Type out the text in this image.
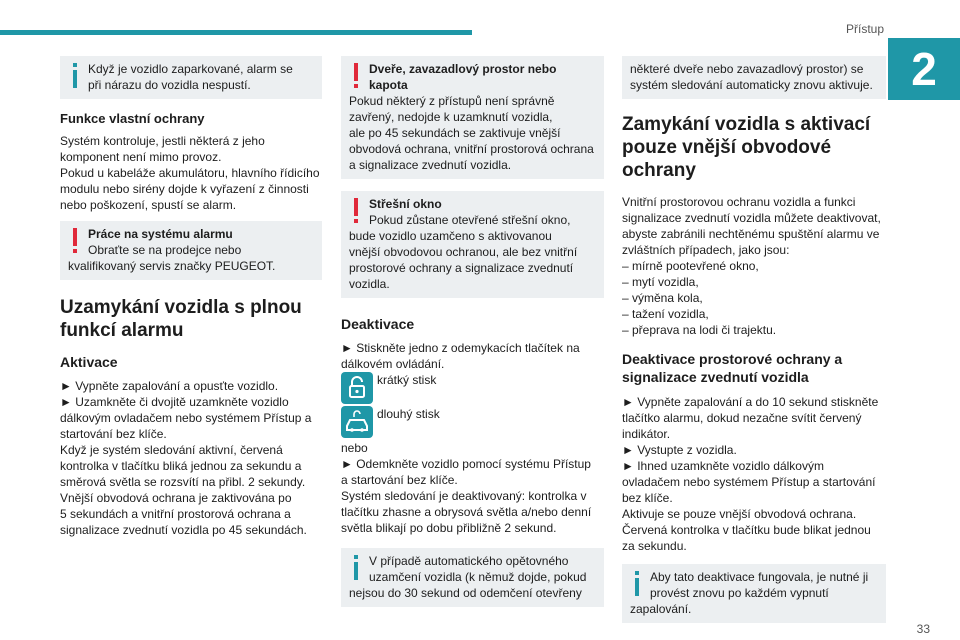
Přístup
2
33
Když je vozidlo zaparkované, alarm se
při nárazu do vozidla nespustí.
Funkce vlastní ochrany
Systém kontroluje, jestli některá z jeho
komponent není mimo provoz.
Pokud u kabeláže akumulátoru, hlavního řídicího
modulu nebo sirény dojde k vyřazení z činnosti
nebo poškození, spustí se alarm.
Práce na systému alarmu
Obraťte se na prodejce nebo
kvalifikovaný servis značky PEUGEOT.
Uzamykání vozidla s plnou
funkcí alarmu
Aktivace
► Vypněte zapalování a opusťte vozidlo.
► Uzamkněte či dvojitě uzamkněte vozidlo
dálkovým ovladačem nebo systémem Přístup a
startování bez klíče.
Když je systém sledování aktivní, červená
kontrolka v tlačítku bliká jednou za sekundu a
směrová světla se rozsvítí na přibl. 2 sekundy.
Vnější obvodová ochrana je zaktivována po
5 sekundách a vnitřní prostorová ochrana a
signalizace zvednutí vozidla po 45 sekundách.
Dveře, zavazadlový prostor nebo
kapota
Pokud některý z přístupů není správně
zavřený, nedojde k uzamknutí vozidla,
ale po 45 sekundách se zaktivuje vnější
obvodová ochrana, vnitřní prostorová ochrana
a signalizace zvednutí vozidla.
Střešní okno
Pokud zůstane otevřené střešní okno,
bude vozidlo uzamčeno s aktivovanou
vnější obvodovou ochranou, ale bez vnitřní
prostorové ochrany a signalizace zvednutí
vozidla.
Deaktivace
► Stiskněte jedno z odemykacích tlačítek na
dálkovém ovládání.
krátký stisk
dlouhý stisk
nebo
► Odemkněte vozidlo pomocí systému Přístup
a startování bez klíče.
Systém sledování je deaktivovaný: kontrolka v
tlačítku zhasne a obrysová světla a/nebo denní
světla blikají po dobu přibližně 2 sekund.
V případě automatického opětovného
uzamčení vozidla (k němuž dojde, pokud
nejsou do 30 sekund od odemčení otevřeny
některé dveře nebo zavazadlový prostor) se
systém sledování automaticky znovu aktivuje.
Zamykání vozidla s aktivací
pouze vnější obvodové
ochrany
Vnitřní prostorovou ochranu vozidla a funkci
signalizace zvednutí vozidla můžete deaktivovat,
abyste zabránili nechtěnému spuštění alarmu ve
zvláštních případech, jako jsou:
– mírně pootevřené okno,
– mytí vozidla,
– výměna kola,
– tažení vozidla,
– přeprava na lodi či trajektu.
Deaktivace prostorové ochrany a
signalizace zvednutí vozidla
► Vypněte zapalování a do 10 sekund stiskněte
tlačítko alarmu, dokud nezačne svítit červený
indikátor.
► Vystupte z vozidla.
► Ihned uzamkněte vozidlo dálkovým
ovladačem nebo systémem Přístup a startování
bez klíče.
Aktivuje se pouze vnější obvodová ochrana.
Červená kontrolka v tlačítku bude blikat jednou
za sekundu.
Aby tato deaktivace fungovala, je nutné ji
provést znovu po každém vypnutí
zapalování.
